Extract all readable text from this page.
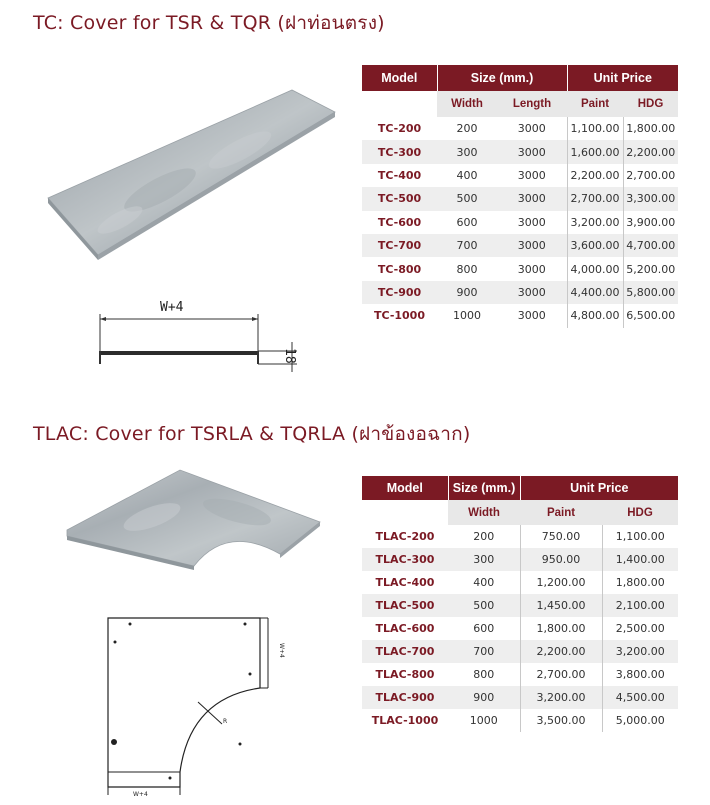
TC: Cover for TSR & TQR (ฝาท่อนตรง)
W+4
18
Model	Size (mm.)		Unit Price	
	Width	Length	Paint	HDG
TC-200	200	3000	1,100.00	1,800.00
TC-300	300	3000	1,600.00	2,200.00
TC-400	400	3000	2,200.00	2,700.00
TC-500	500	3000	2,700.00	3,300.00
TC-600	600	3000	3,200.00	3,900.00
TC-700	700	3000	3,600.00	4,700.00
TC-800	800	3000	4,000.00	5,200.00
TC-900	900	3000	4,400.00	5,800.00
TC-1000	1000	3000	4,800.00	6,500.00
TLAC: Cover for TSRLA & TQRLA (ฝาข้องอฉาก)
W+4
W+4
R
Model	Size (mm.)	Unit Price	
	Width	Paint	HDG
TLAC-200	200	750.00	1,100.00
TLAC-300	300	950.00	1,400.00
TLAC-400	400	1,200.00	1,800.00
TLAC-500	500	1,450.00	2,100.00
TLAC-600	600	1,800.00	2,500.00
TLAC-700	700	2,200.00	3,200.00
TLAC-800	800	2,700.00	3,800.00
TLAC-900	900	3,200.00	4,500.00
TLAC-1000	1000	3,500.00	5,000.00
